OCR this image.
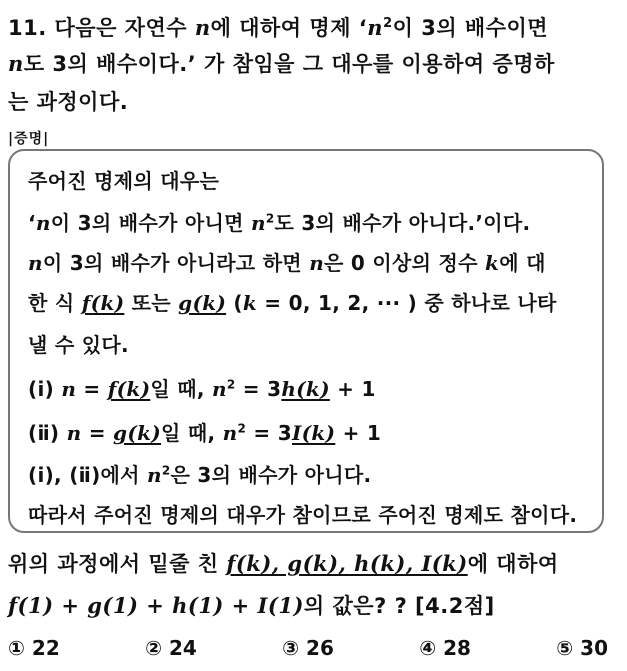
11. 다음은 자연수 n에 대하여 명제 ‘$n^2$이 3의 배수이면
n도 3의 배수이다.’ 가 참임을 그 대우를 이용하여 증명하
는 과정이다.
|증명|
주어진 명제의 대우는
‘n이 3의 배수가 아니면 $n^2$도 3의 배수가 아니다.’이다.
n이 3의 배수가 아니라고 하면 n은 0 이상의 정수 k에 대
한 식 f(k) 또는 g(k) (k = 0, 1, 2, ··· ) 중 하나로 나타
낼 수 있다.
(ⅰ) n = f(k)일 때, $n^2 = 3h(k) + 1$
(ⅱ) n = g(k)일 때, $n^2 = 3I(k) + 1$
(ⅰ), (ⅱ)에서 $n^2$은 3의 배수가 아니다.
따라서 주어진 명제의 대우가 참이므로 주어진 명제도 참이다.
위의 과정에서 밑줄 친 f(k), g(k), h(k), I(k)에 대하여
f(1) + g(1) + h(1) + I(1)의 값은? ? [4.2점]
① 22	② 24	③ 26	④ 28	⑤ 30
